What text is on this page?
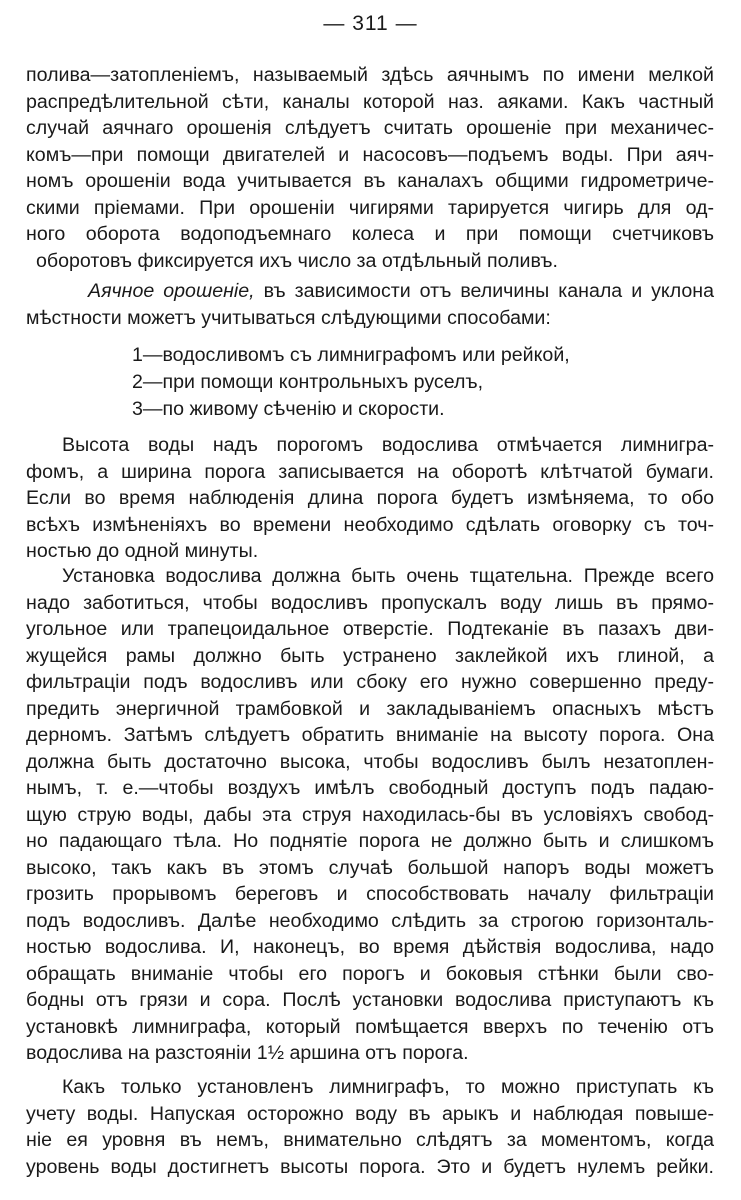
— 311 —
полива—затопленіемъ, называемый здѣсь аячнымъ по имени мелкой
распредѣлительной сѣти, каналы которой наз. аяками. Какъ частный
случай аячнаго орошенія слѣдуетъ считать орошеніе при механичес-
комъ—при помощи двигателей и насосовъ—подъемъ воды. При аяч-
номъ орошеніи вода учитывается въ каналахъ общими гидрометриче-
скими пріемами. При орошеніи чигирями тарируется чигирь для од-
ного оборота водоподъемнаго колеса и при помощи счетчиковъ
оборотовъ фиксируется ихъ число за отдѣльный поливъ.
Аячное орошеніе, въ зависимости отъ величины канала и уклона
мѣстности можетъ учитываться слѣдующими способами:
1—водосливомъ съ лимниграфомъ или рейкой,
2—при помощи контрольныхъ руселъ,
3—по живому сѣченію и скорости.
Высота воды надъ порогомъ водослива отмѣчается лимнигра-
фомъ, а ширина порога записывается на оборотѣ клѣтчатой бумаги.
Если во время наблюденія длина порога будетъ измѣняема, то обо
всѣхъ измѣненіяхъ во времени необходимо сдѣлать оговорку съ точ-
ностью до одной минуты.
Установка водослива должна быть очень тщательна. Прежде всего
надо заботиться, чтобы водосливъ пропускалъ воду лишь въ прямо-
угольное или трапецоидальное отверстіе. Подтеканіе въ пазахъ дви-
жущейся рамы должно быть устранено заклейкой ихъ глиной, а
фильтраціи подъ водосливъ или сбоку его нужно совершенно преду-
предить энергичной трамбовкой и закладываніемъ опасныхъ мѣстъ
дерномъ. Затѣмъ слѣдуетъ обратить вниманіе на высоту порога. Она
должна быть достаточно высока, чтобы водосливъ былъ незатоплен-
нымъ, т. е.—чтобы воздухъ имѣлъ свободный доступъ подъ падаю-
щую струю воды, дабы эта струя находилась-бы въ условіяхъ свобод-
но падающаго тѣла. Но поднятіе порога не должно быть и слишкомъ
высоко, такъ какъ въ этомъ случаѣ большой напоръ воды можетъ
грозить прорывомъ береговъ и способствовать началу фильтраціи
подъ водосливъ. Далѣе необходимо слѣдить за строгою горизонталь-
ностью водослива. И, наконецъ, во время дѣйствія водослива, надо
обращать вниманіе чтобы его порогъ и боковыя стѣнки были сво-
бодны отъ грязи и сора. Послѣ установки водослива приступаютъ къ
установкѣ лимниграфа, который помѣщается вверхъ по теченію отъ
водослива на разстояніи 1½ аршина отъ порога.
Какъ только установленъ лимниграфъ, то можно приступать къ
учету воды. Напуская осторожно воду въ арыкъ и наблюдая повыше-
ніе ея уровня въ немъ, внимательно слѣдятъ за моментомъ, когда
уровень воды достигнетъ высоты порога. Это и будетъ нулемъ рейки.
